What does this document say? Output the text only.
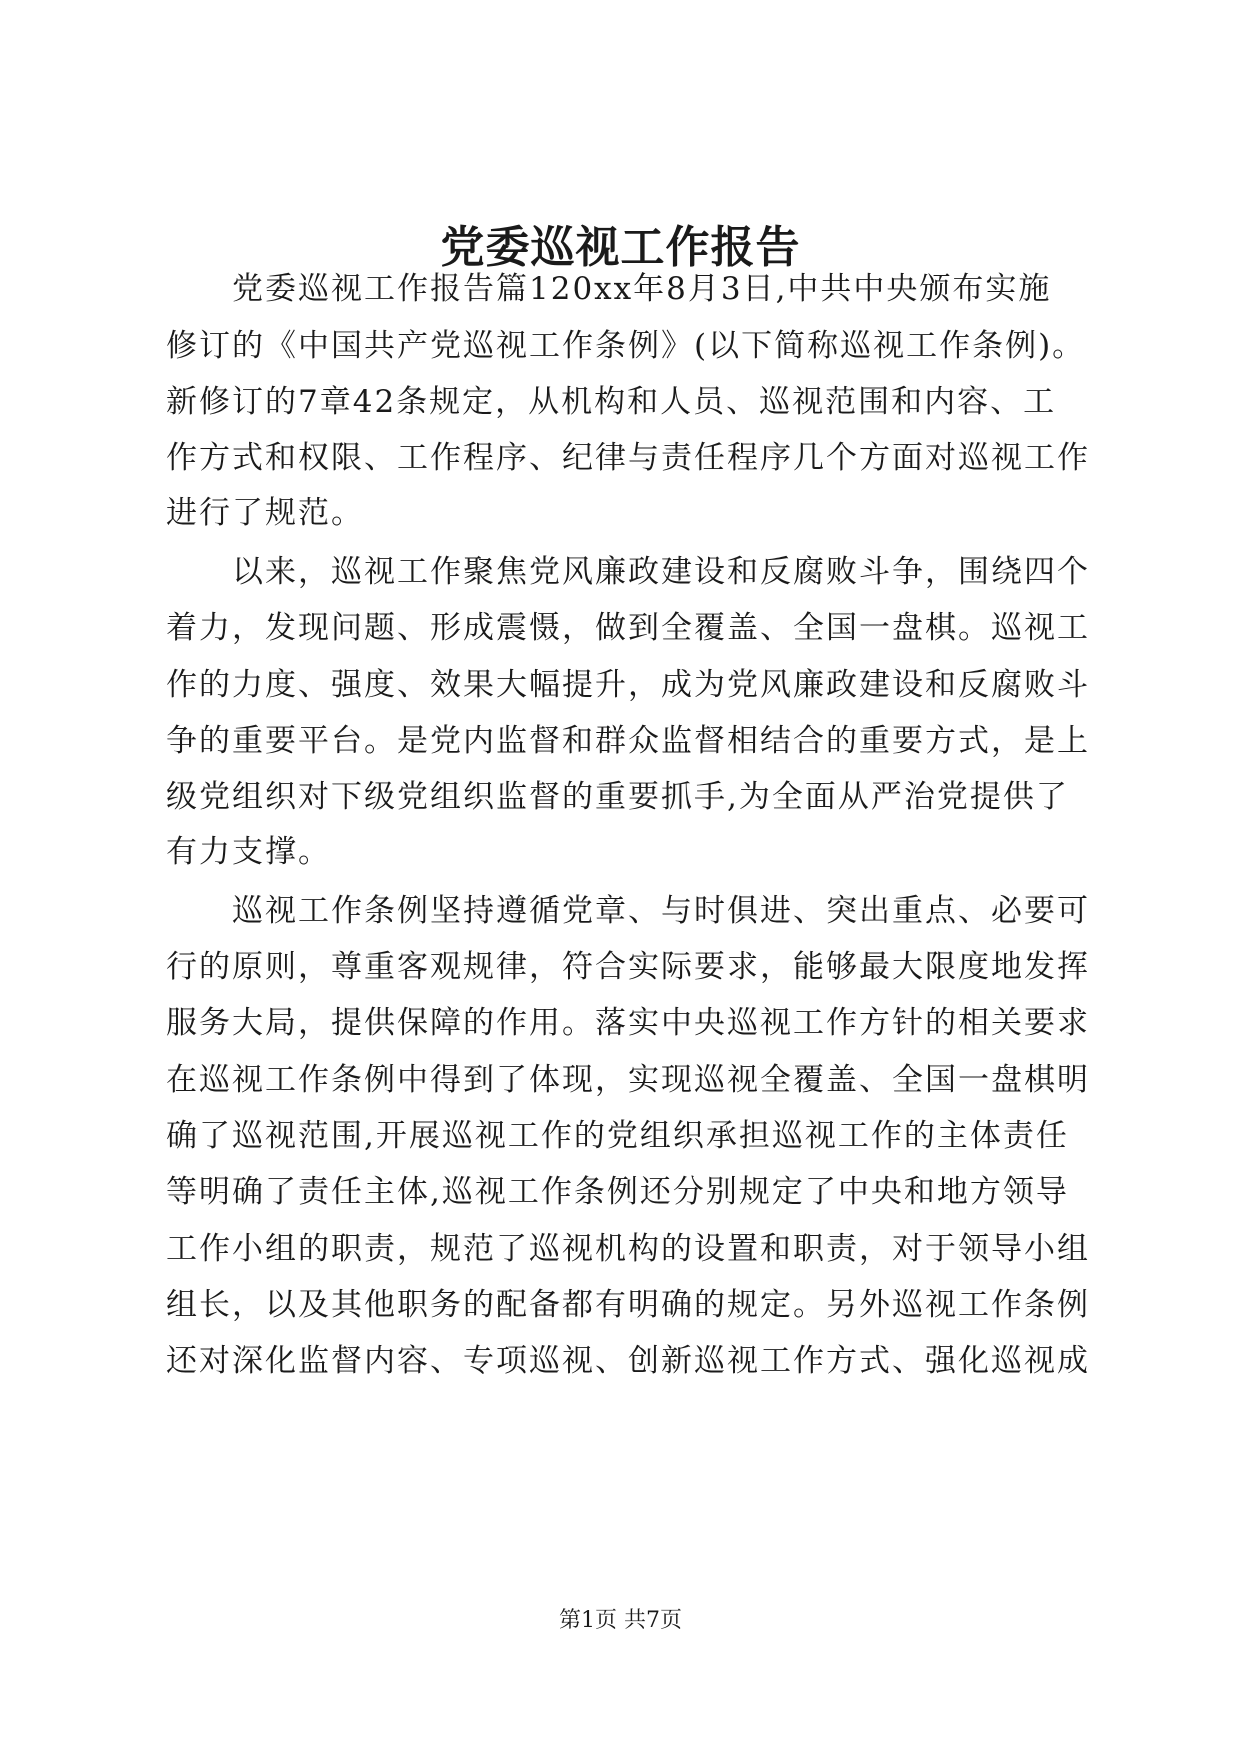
党委巡视工作报告
党委巡视工作报告篇120xx年8月3日,中共中央颁布实施
修订的《中国共产党巡视工作条例》(以下简称巡视工作条例)。
新修订的7章42条规定，从机构和人员、巡视范围和内容、工
作方式和权限、工作程序、纪律与责任程序几个方面对巡视工作
进行了规范。
以来，巡视工作聚焦党风廉政建设和反腐败斗争，围绕四个
着力，发现问题、形成震慑，做到全覆盖、全国一盘棋。巡视工
作的力度、强度、效果大幅提升，成为党风廉政建设和反腐败斗
争的重要平台。是党内监督和群众监督相结合的重要方式，是上
级党组织对下级党组织监督的重要抓手,为全面从严治党提供了
有力支撑。
巡视工作条例坚持遵循党章、与时俱进、突出重点、必要可
行的原则，尊重客观规律，符合实际要求，能够最大限度地发挥
服务大局，提供保障的作用。落实中央巡视工作方针的相关要求
在巡视工作条例中得到了体现，实现巡视全覆盖、全国一盘棋明
确了巡视范围,开展巡视工作的党组织承担巡视工作的主体责任
等明确了责任主体,巡视工作条例还分别规定了中央和地方领导
工作小组的职责，规范了巡视机构的设置和职责，对于领导小组
组长，以及其他职务的配备都有明确的规定。另外巡视工作条例
还对深化监督内容、专项巡视、创新巡视工作方式、强化巡视成
第1页 共7页
